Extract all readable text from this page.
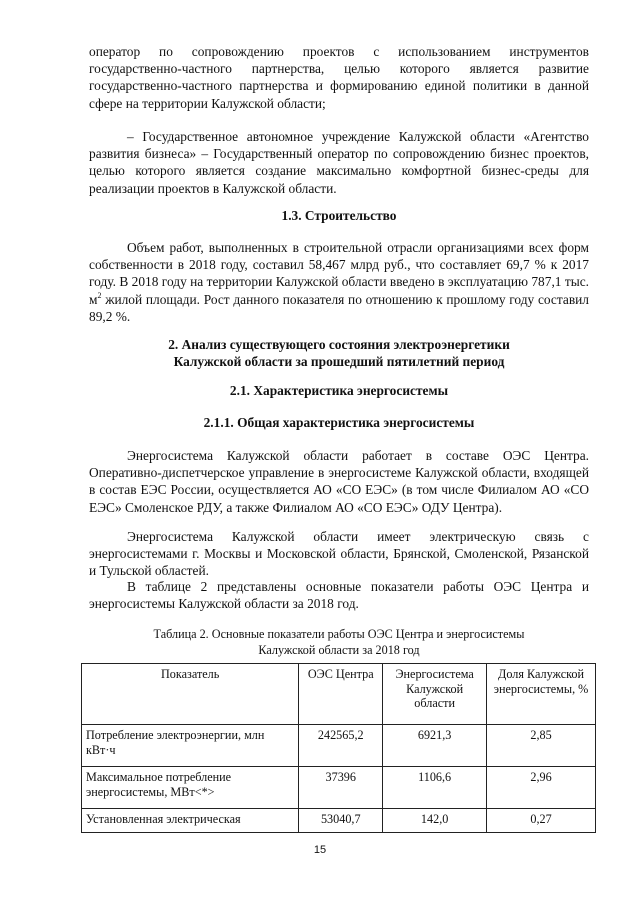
оператор по сопровождению проектов с использованием инструментов государственно-частного партнерства, целью которого является развитие государственно-частного партнерства и формированию единой политики в данной сфере на территории Калужской области;

– Государственное автономное учреждение Калужской области «Агентство развития бизнеса» – Государственный оператор по сопровождению бизнес проектов, целью которого является создание максимально комфортной бизнес-среды для реализации проектов в Калужской области.

1.3. Строительство

Объем работ, выполненных в строительной отрасли организациями всех форм собственности в 2018 году, составил 58,467 млрд руб., что составляет 69,7 % к 2017 году. В 2018 году на территории Калужской области введено в эксплуатацию 787,1 тыс. $м^2$ жилой площади. Рост данного показателя по отношению к прошлому году составил 89,2 %.

2. Анализ существующего состояния электроэнергетики
Калужской области за прошедший пятилетний период

2.1. Характеристика энергосистемы

2.1.1. Общая характеристика энергосистемы

Энергосистема Калужской области работает в составе ОЭС Центра. Оперативно-диспетчерское управление в энергосистеме Калужской области, входящей в состав ЕЭС России, осуществляется АО «СО ЕЭС» (в том числе Филиалом АО «СО ЕЭС» Смоленское РДУ, а также Филиалом АО «СО ЕЭС» ОДУ Центра).

Энергосистема Калужской области имеет электрическую связь с энергосистемами г. Москвы и Московской области, Брянской, Смоленской, Рязанской и Тульской областей.

В таблице 2 представлены основные показатели работы ОЭС Центра и энергосистемы Калужской области за 2018 год.

Таблица 2. Основные показатели работы ОЭС Центра и энергосистемы
Калужской области за 2018 год

Показатель	ОЭС Центра	Энергосистема Калужской области	Доля Калужской энергосистемы, %
Потребление электроэнергии, млн кВт·ч	242565,2	6921,3	2,85
Максимальное потребление энергосистемы, МВт<*>	37396	1106,6	2,96
Установленная электрическая	53040,7	142,0	0,27
15
